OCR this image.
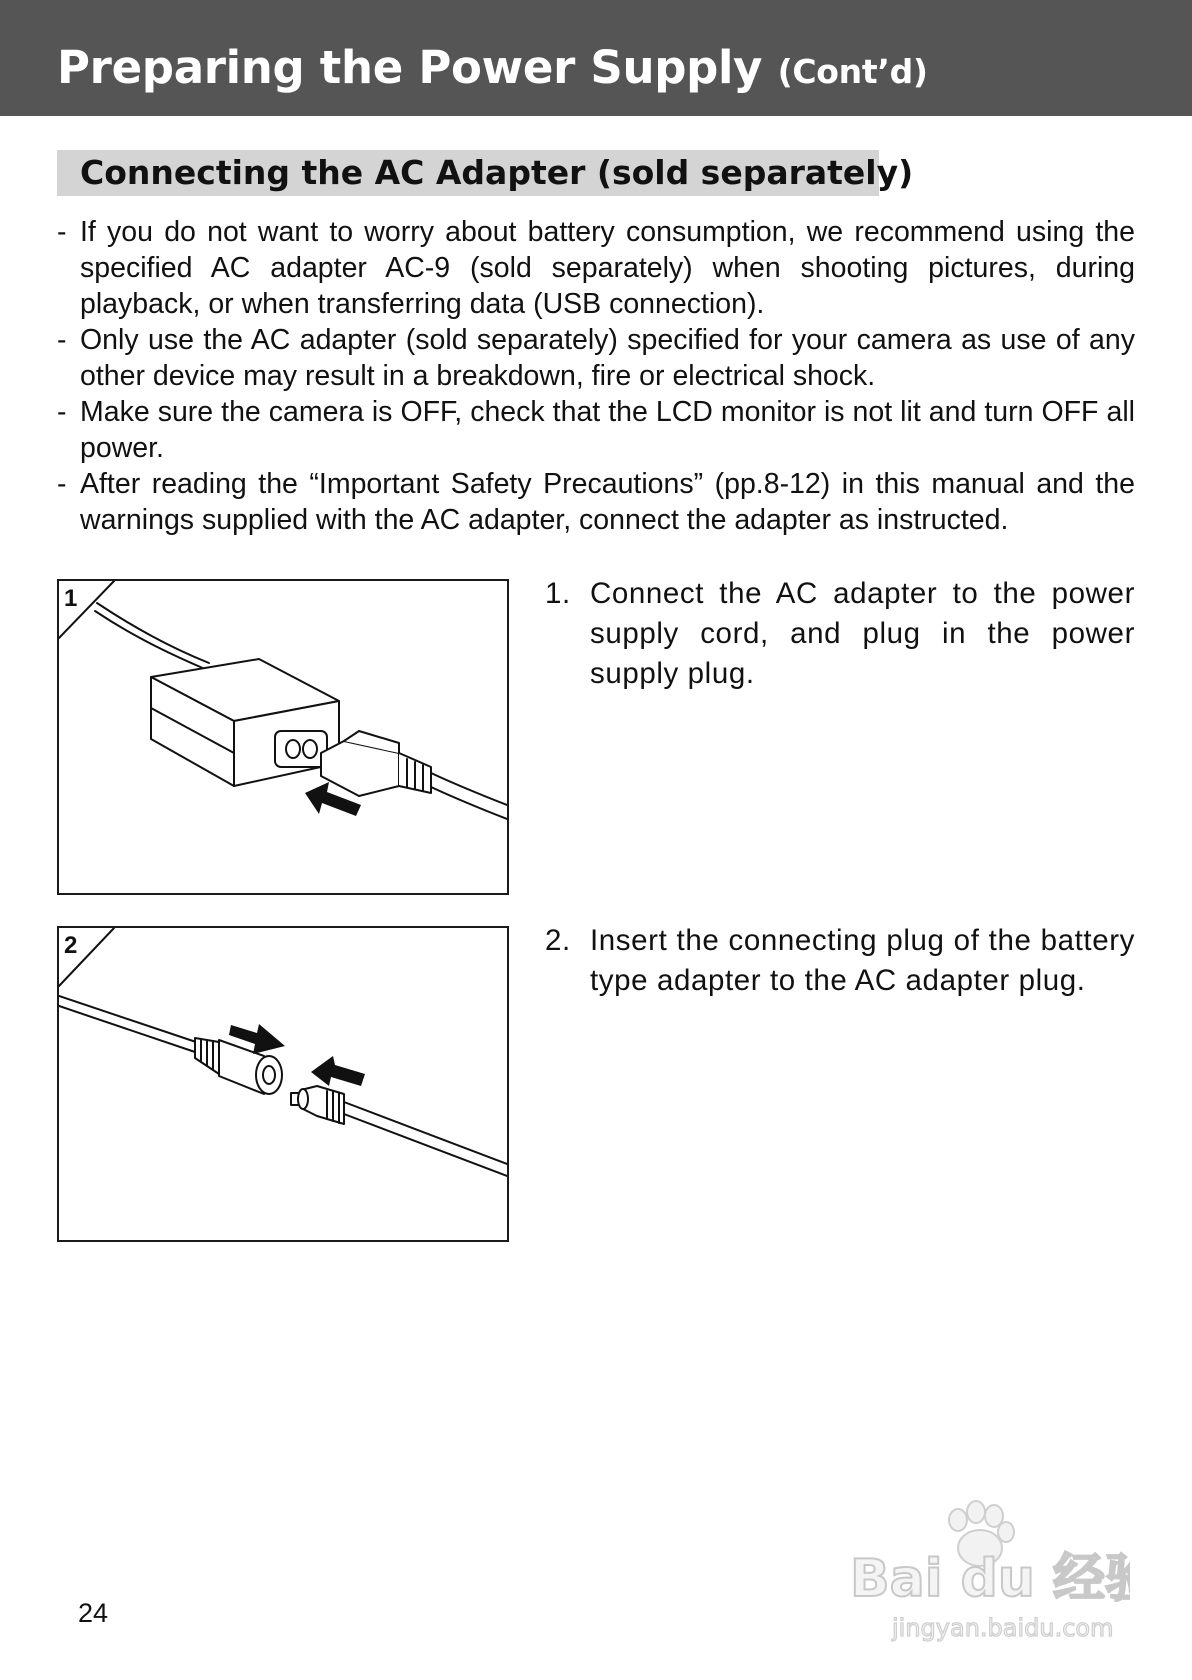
Preparing the Power Supply (Cont’d)
Connecting the AC Adapter (sold separately)
- If you do not want to worry about battery consumption, we recommend using the specified AC adapter AC-9 (sold separately) when shooting pictures, during playback, or when transferring data (USB connection).
- Only use the AC adapter (sold separately) specified for your camera as use of any other device may result in a breakdown, fire or electrical shock.
- Make sure the camera is OFF, check that the LCD monitor is not lit and turn OFF all power.
- After reading the “Important Safety Precautions” (pp.8-12) in this manual and the warnings supplied with the AC adapter, connect the adapter as instructed.
1
2
1. Connect the AC adapter to the power supply cord, and plug in the power supply plug.
2. Insert the connecting plug of the battery type adapter to the AC adapter plug.
24
Bai du 经验
jingyan.baidu.com
